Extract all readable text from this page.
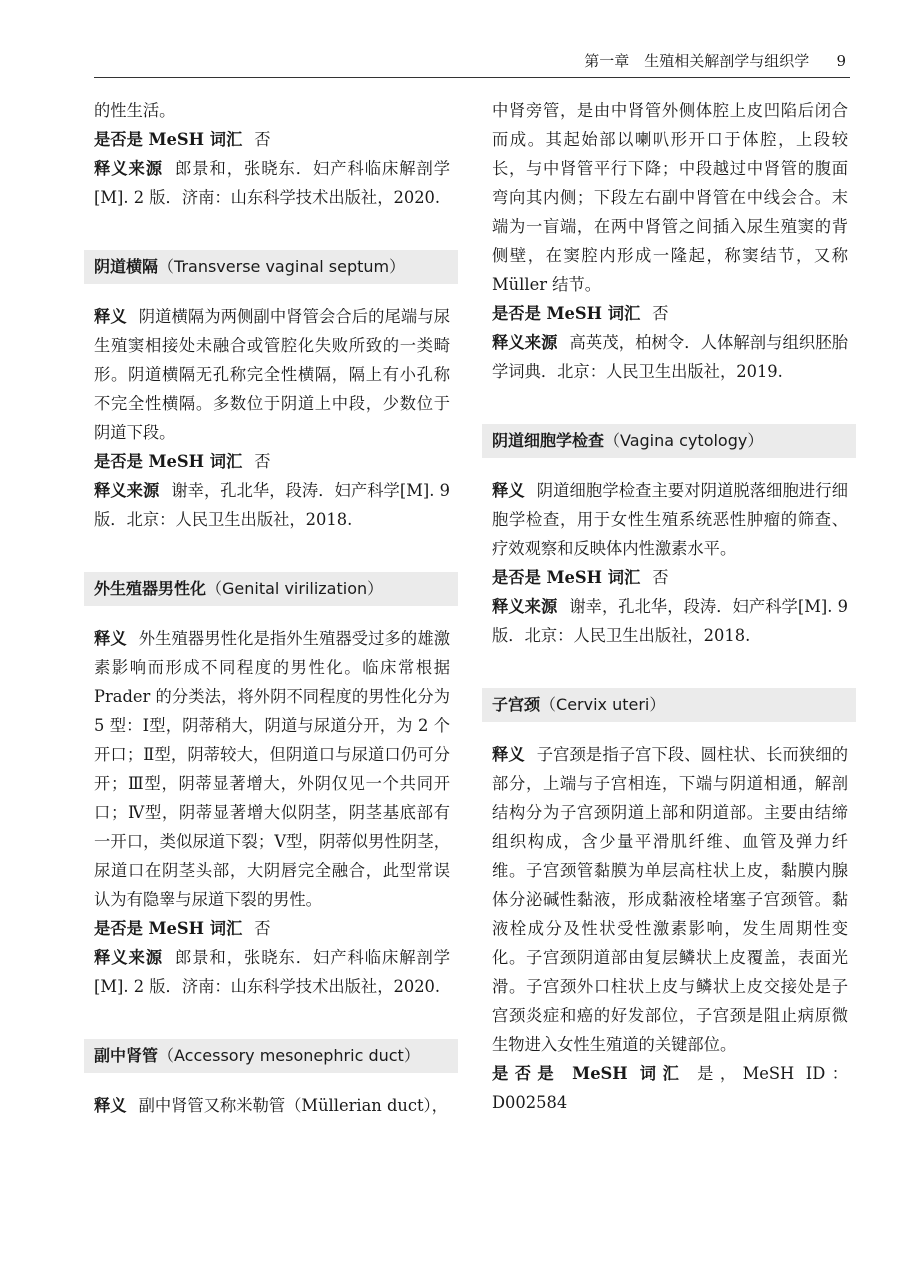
第一章　生殖相关解剖学与组织学 9

的性生活。

是否是 MeSH 词汇 否

释义来源 郎景和，张晓东．妇产科临床解剖学[M]. 2 版．济南：山东科学技术出版社，2020.

阴道横隔（Transverse vaginal septum）

释义 阴道横隔为两侧副中肾管会合后的尾端与尿生殖窦相接处未融合或管腔化失败所致的一类畸形。阴道横隔无孔称完全性横隔，隔上有小孔称不完全性横隔。多数位于阴道上中段，少数位于阴道下段。

是否是 MeSH 词汇 否

释义来源 谢幸，孔北华，段涛．妇产科学[M]. 9 版．北京：人民卫生出版社，2018.

外生殖器男性化（Genital virilization）

释义 外生殖器男性化是指外生殖器受过多的雄激素影响而形成不同程度的男性化。临床常根据 Prader 的分类法，将外阴不同程度的男性化分为 5 型：Ⅰ型，阴蒂稍大，阴道与尿道分开，为 2 个开口；Ⅱ型，阴蒂较大，但阴道口与尿道口仍可分开；Ⅲ型，阴蒂显著增大，外阴仅见一个共同开口；Ⅳ型，阴蒂显著增大似阴茎，阴茎基底部有一开口，类似尿道下裂；Ⅴ型，阴蒂似男性阴茎，尿道口在阴茎头部，大阴唇完全融合，此型常误认为有隐睾与尿道下裂的男性。

是否是 MeSH 词汇 否

释义来源 郎景和，张晓东．妇产科临床解剖学[M]. 2 版．济南：山东科学技术出版社，2020.

副中肾管（Accessory mesonephric duct）

释义 副中肾管又称米勒管（Müllerian duct），

中肾旁管，是由中肾管外侧体腔上皮凹陷后闭合而成。其起始部以喇叭形开口于体腔，上段较长，与中肾管平行下降；中段越过中肾管的腹面弯向其内侧；下段左右副中肾管在中线会合。末端为一盲端，在两中肾管之间插入尿生殖窦的背侧壁，在窦腔内形成一隆起，称窦结节，又称 Müller 结节。

是否是 MeSH 词汇 否

释义来源 高英茂，柏树令．人体解剖与组织胚胎学词典．北京：人民卫生出版社，2019.

阴道细胞学检查（Vagina cytology）

释义 阴道细胞学检查主要对阴道脱落细胞进行细胞学检查，用于女性生殖系统恶性肿瘤的筛查、疗效观察和反映体内性激素水平。

是否是 MeSH 词汇 否

释义来源 谢幸，孔北华，段涛．妇产科学[M]. 9 版．北京：人民卫生出版社，2018.

子宫颈（Cervix uteri）

释义 子宫颈是指子宫下段、圆柱状、长而狭细的部分，上端与子宫相连，下端与阴道相通，解剖结构分为子宫颈阴道上部和阴道部。主要由结缔组织构成，含少量平滑肌纤维、血管及弹力纤维。子宫颈管黏膜为单层高柱状上皮，黏膜内腺体分泌碱性黏液，形成黏液栓堵塞子宫颈管。黏液栓成分及性状受性激素影响，发生周期性变化。子宫颈阴道部由复层鳞状上皮覆盖，表面光滑。子宫颈外口柱状上皮与鳞状上皮交接处是子宫颈炎症和癌的好发部位，子宫颈是阻止病原微生物进入女性生殖道的关键部位。

是否是 MeSH 词汇 是，MeSH ID：D002584
